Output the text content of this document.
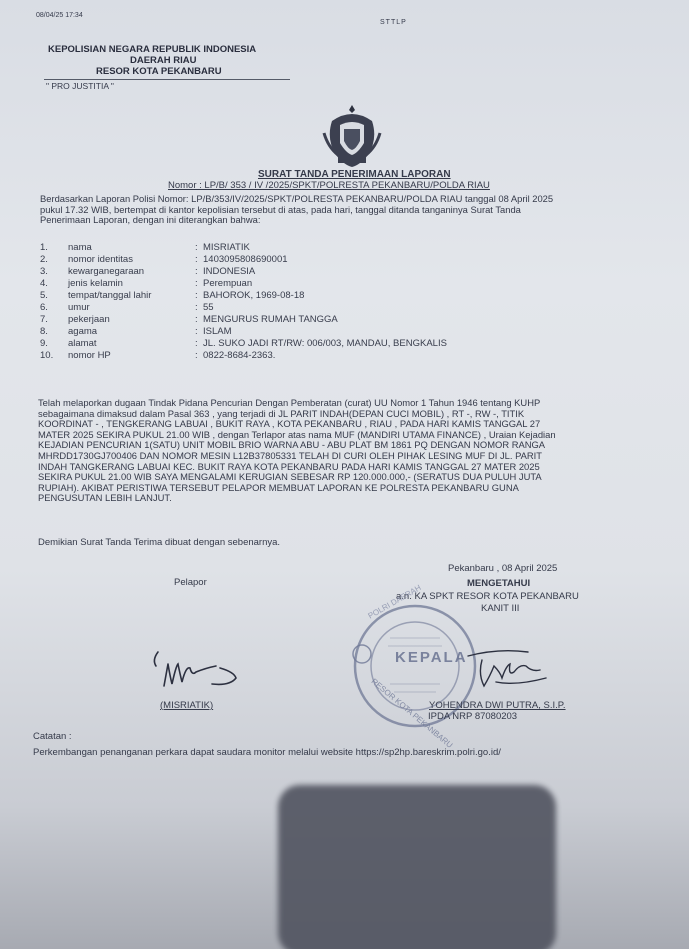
08/04/25 17:34
STTLP
KEPOLISIAN NEGARA REPUBLIK INDONESIA
DAERAH RIAU
RESOR KOTA PEKANBARU
" PRO JUSTITIA "
SURAT TANDA PENERIMAAN LAPORAN
Nomor : LP/B/ 353 / IV /2025/SPKT/POLRESTA PEKANBARU/POLDA RIAU
Berdasarkan Laporan Polisi Nomor: LP/B/353/IV/2025/SPKT/POLRESTA PEKANBARU/POLDA RIAU tanggal 08 April 2025
pukul 17.32 WIB, bertempat di kantor kepolisian tersebut di atas, pada hari, tanggal ditanda tanganinya Surat Tanda
Penerimaan Laporan, dengan ini diterangkan bahwa:
1. nama	: MISRIATIK
2. nomor identitas	: 1403095808690001
3. kewarganegaraan	: INDONESIA
4. jenis kelamin	: Perempuan
5. tempat/tanggal lahir	: BAHOROK, 1969-08-18
6. umur	: 55
7. pekerjaan	: MENGURUS RUMAH TANGGA
8. agama	: ISLAM
9. alamat	: JL. SUKO JADI RT/RW: 006/003, MANDAU, BENGKALIS
10. nomor HP	: 0822-8684-2363.
Telah melaporkan dugaan Tindak Pidana Pencurian Dengan Pemberatan (curat) UU Nomor 1 Tahun 1946 tentang KUHP
sebagaimana dimaksud dalam Pasal 363 , yang terjadi di JL PARIT INDAH(DEPAN CUCI MOBIL) , RT -, RW -, TITIK
KOORDINAT - , TENGKERANG LABUAI , BUKIT RAYA , KOTA PEKANBARU , RIAU , PADA HARI KAMIS TANGGAL 27
MATER 2025 SEKIRA PUKUL 21.00 WIB , dengan Terlapor atas nama MUF (MANDIRI UTAMA FINANCE) , Uraian Kejadian
KEJADIAN PENCURIAN 1(SATU) UNIT MOBIL BRIO WARNA ABU - ABU PLAT BM 1861 PQ DENGAN NOMOR RANGA
MHRDD1730GJ700406 DAN NOMOR MESIN L12B37805331 TELAH DI CURI OLEH PIHAK LESING MUF DI JL. PARIT
INDAH TANGKERANG LABUAI KEC. BUKIT RAYA KOTA PEKANBARU PADA HARI KAMIS TANGGAL 27 MATER 2025
SEKIRA PUKUL 21.00 WIB SAYA MENGALAMI KERUGIAN SEBESAR RP 120.000.000,- (SERATUS DUA PULUH JUTA
RUPIAH). AKIBAT PERISTIWA TERSEBUT PELAPOR MEMBUAT LAPORAN KE POLRESTA PEKANBARU GUNA
PENGUSUTAN LEBIH LANJUT.
Demikian Surat Tanda Terima dibuat dengan sebenarnya.
Pekanbaru , 08 April 2025
Pelapor	MENGETAHUI
a.n. KA SPKT RESOR KOTA PEKANBARU
KANIT III
KEPALA
POLRI DAERAH
RESOR KOTA PEKANBARU
(MISRIATIK)	YOHENDRA DWI PUTRA, S.I.P.
IPDA NRP 87080203
Catatan :
Perkembangan penanganan perkara dapat saudara monitor melalui website https://sp2hp.bareskrim.polri.go.id/
